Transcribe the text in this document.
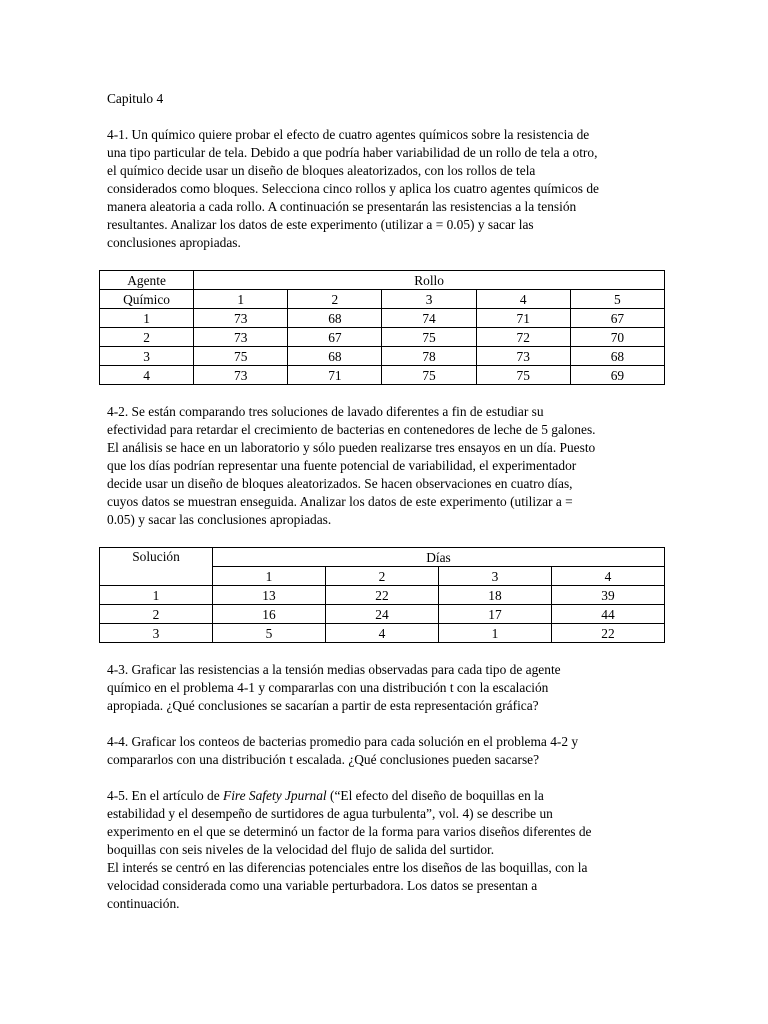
Capitulo 4

4-1. Un químico quiere probar el efecto de cuatro agentes químicos sobre la resistencia de

una tipo particular de tela. Debido a que podría haber variabilidad de un rollo de tela a otro,

el químico decide usar un diseño de bloques aleatorizados, con los rollos de tela

considerados como bloques. Selecciona cinco rollos y aplica los cuatro agentes químicos de

manera aleatoria a cada rollo. A continuación se presentarán las resistencias a la tensión

resultantes. Analizar los datos de este experimento (utilizar a = 0.05) y sacar las

conclusiones apropiadas.

Agente	Rollo				
Químico	1	2	3	4	5
1	73	68	74	71	67
2	73	67	75	72	70
3	75	68	78	73	68
4	73	71	75	75	69

4-2. Se están comparando tres soluciones de lavado diferentes a fin de estudiar su

efectividad para retardar el crecimiento de bacterias en contenedores de leche de 5 galones.

El análisis se hace en un laboratorio y sólo pueden realizarse tres ensayos en un día. Puesto

que los días podrían representar una fuente potencial de variabilidad, el experimentador

decide usar un diseño de bloques aleatorizados. Se hacen observaciones en cuatro días,

cuyos datos se muestran enseguida. Analizar los datos de este experimento (utilizar a =

0.05) y sacar las conclusiones apropiadas.

Solución	Días			
	1	2	3	4
1	13	22	18	39
2	16	24	17	44
3	5	4	1	22

4-3. Graficar las resistencias a la tensión medias observadas para cada tipo de agente

químico en el problema 4-1 y compararlas con una distribución t con la escalación

apropiada. ¿Qué conclusiones se sacarían a partir de esta representación gráfica?

4-4. Graficar los conteos de bacterias promedio para cada solución en el problema 4-2 y

compararlos con una distribución t escalada. ¿Qué conclusiones pueden sacarse?

4-5. En el artículo de Fire Safety Jpurnal (“El efecto del diseño de boquillas en la

estabilidad y el desempeño de surtidores de agua turbulenta”, vol. 4) se describe un

experimento en el que se determinó un factor de la forma para varios diseños diferentes de

boquillas con seis niveles de la velocidad del flujo de salida del surtidor.

El interés se centró en las diferencias potenciales entre los diseños de las boquillas, con la

velocidad considerada como una variable perturbadora. Los datos se presentan a

continuación.
